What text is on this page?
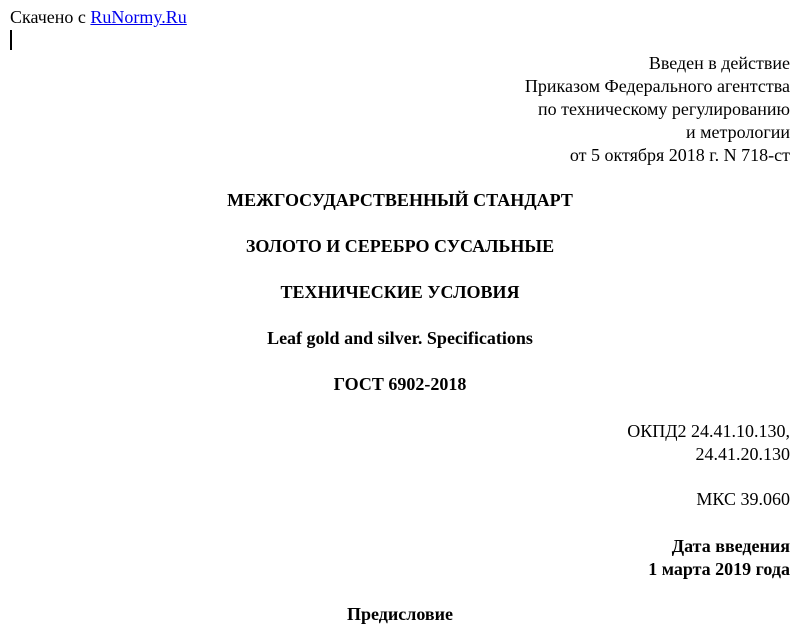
Скачено с RuNormy.Ru
Введен в действие
Приказом Федерального агентства
по техническому регулированию
и метрологии
от 5 октября 2018 г. N 718-ст
МЕЖГОСУДАРСТВЕННЫЙ СТАНДАРТ
ЗОЛОТО И СЕРЕБРО СУСАЛЬНЫЕ
ТЕХНИЧЕСКИЕ УСЛОВИЯ
Leaf gold and silver. Specifications
ГОСТ 6902-2018
ОКПД2 24.41.10.130,
24.41.20.130
МКС 39.060
Дата введения
1 марта 2019 года
Предисловие
